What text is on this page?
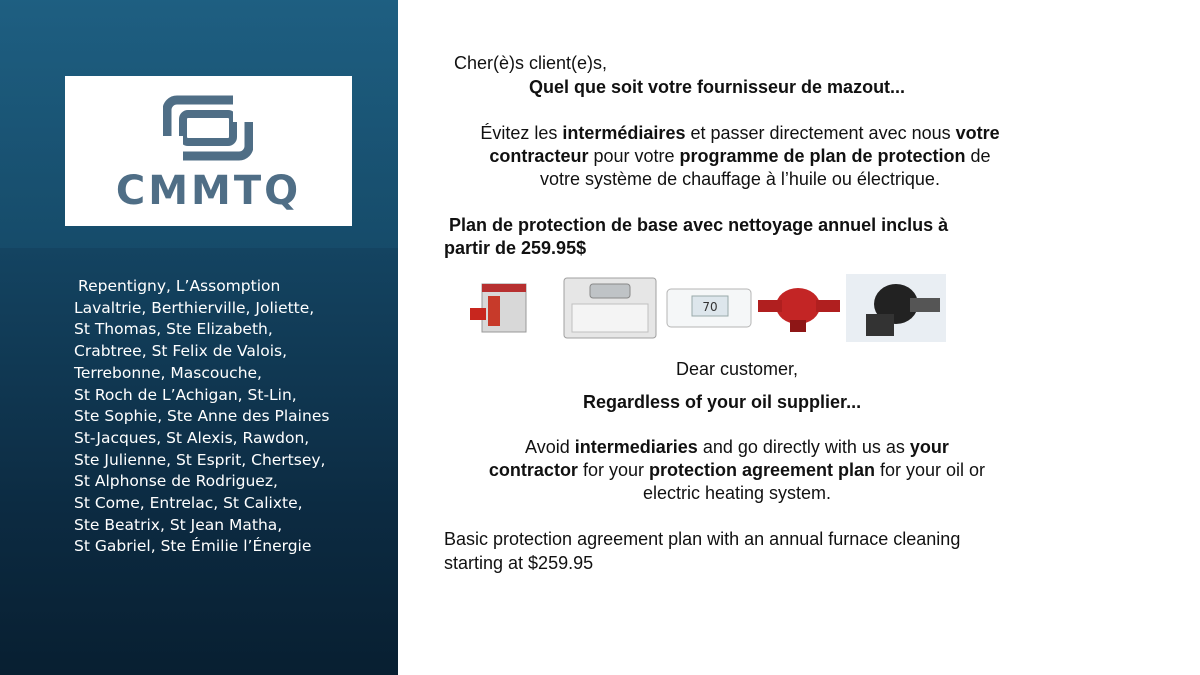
CMMTQ
Repentigny, L’Assomption
Lavaltrie, Berthierville, Joliette,
St Thomas, Ste Elizabeth,
Crabtree, St Felix de Valois,
Terrebonne, Mascouche,
St Roch de L’Achigan, St-Lin,
Ste Sophie, Ste Anne des Plaines
St-Jacques, St Alexis, Rawdon,
Ste Julienne, St Esprit, Chertsey,
St Alphonse de Rodriguez,
St Come, Entrelac, St Calixte,
Ste Beatrix, St Jean Matha,
St Gabriel, Ste Émilie l’Énergie
Cher(è)s client(e)s,
Quel que soit votre fournisseur de mazout...
Évitez les intermédiaires et passer directement avec nous votre
contracteur pour votre programme de plan de protection de
votre système de chauffage à l’huile ou électrique.
Plan de protection de base avec nettoyage annuel inclus à
partir de 259.95$
70
Dear customer,
Regardless of your oil supplier...
Avoid intermediaries and go directly with us as your
contractor for your protection agreement plan for your oil or
electric heating system.
Basic protection agreement plan with an annual furnace cleaning
starting at $259.95
